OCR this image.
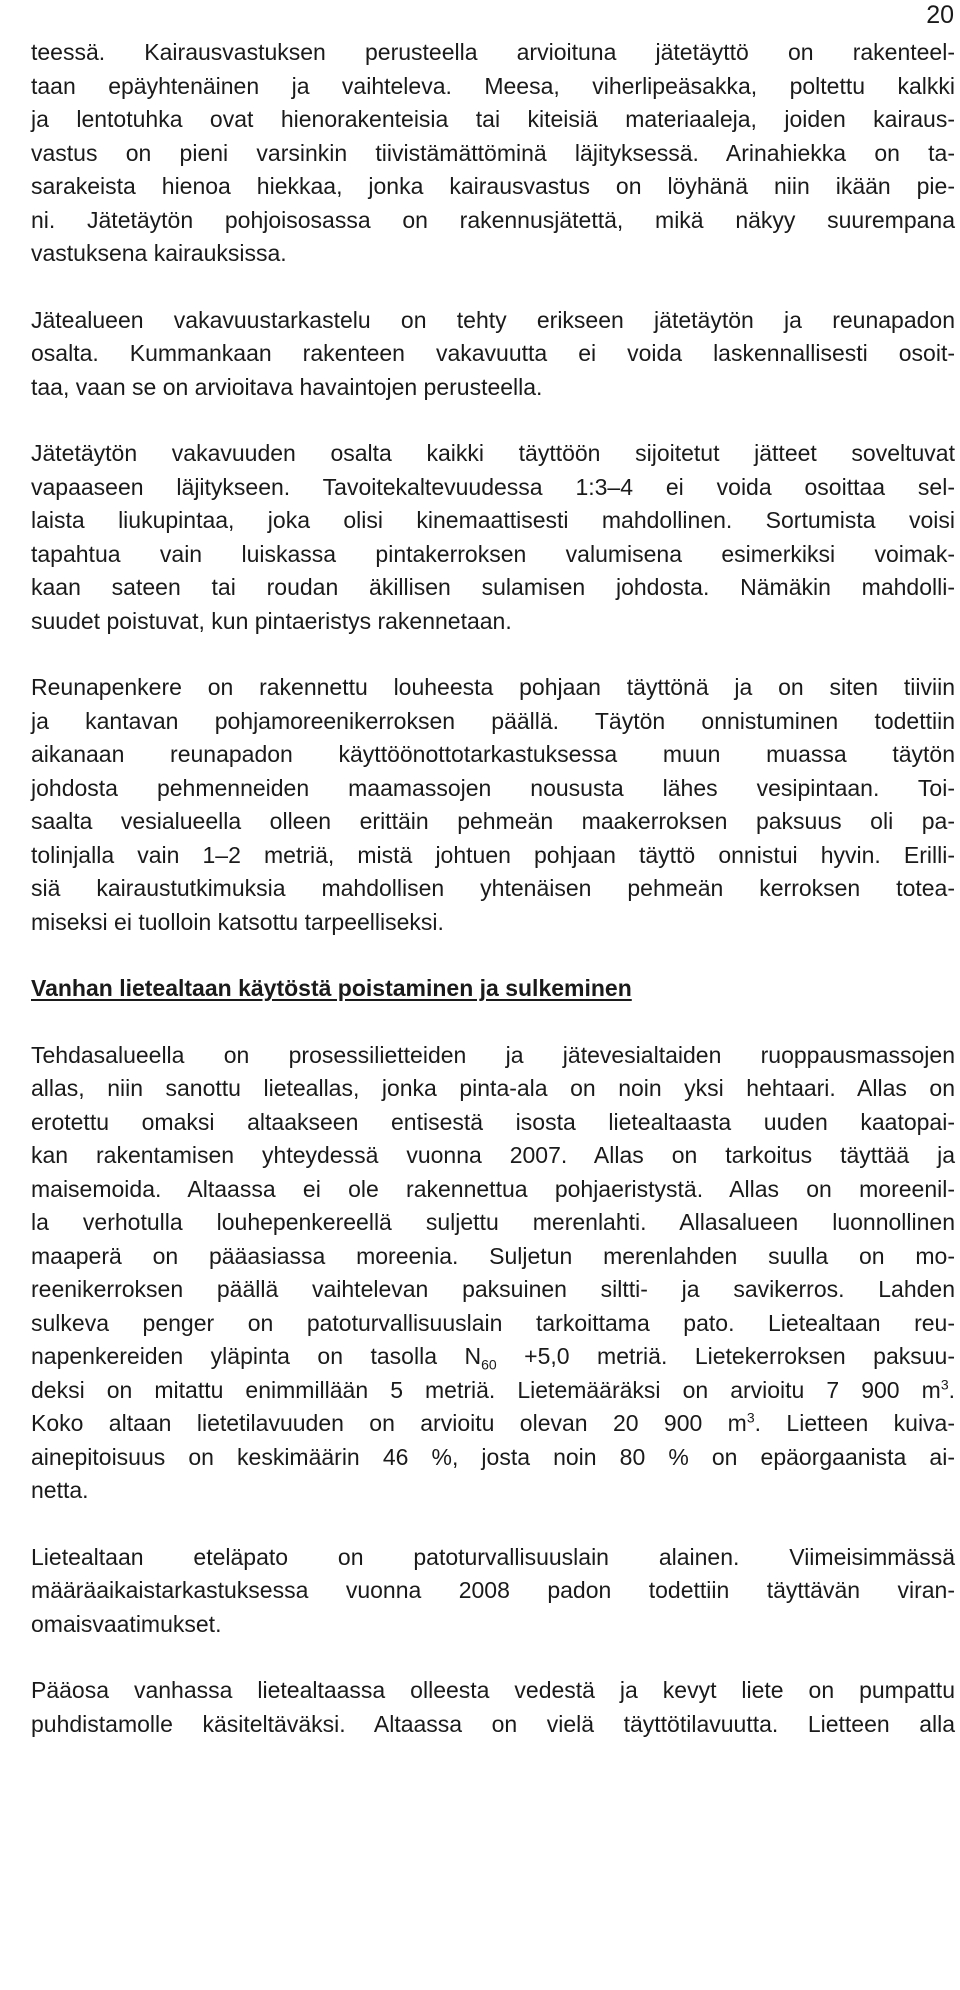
20
teessä. Kairausvastuksen perusteella arvioituna jätetäyttö on rakenteel-
taan epäyhtenäinen ja vaihteleva. Meesa, viherlipeäsakka, poltettu kalkki
ja lentotuhka ovat hienorakenteisia tai kiteisiä materiaaleja, joiden kairaus-
vastus on pieni varsinkin tiivistämättöminä läjityksessä. Arinahiekka on ta-
sarakeista hienoa hiekkaa, jonka kairausvastus on löyhänä niin ikään pie-
ni. Jätetäytön pohjoisosassa on rakennusjätettä, mikä näkyy suurempana
vastuksena kairauksissa.
Jätealueen vakavuustarkastelu on tehty erikseen jätetäytön ja reunapadon
osalta. Kummankaan rakenteen vakavuutta ei voida laskennallisesti osoit-
taa, vaan se on arvioitava havaintojen perusteella.
Jätetäytön vakavuuden osalta kaikki täyttöön sijoitetut jätteet soveltuvat
vapaaseen läjitykseen. Tavoitekaltevuudessa 1:3–4 ei voida osoittaa sel-
laista liukupintaa, joka olisi kinemaattisesti mahdollinen. Sortumista voisi
tapahtua vain luiskassa pintakerroksen valumisena esimerkiksi voimak-
kaan sateen tai roudan äkillisen sulamisen johdosta. Nämäkin mahdolli-
suudet poistuvat, kun pintaeristys rakennetaan.
Reunapenkere on rakennettu louheesta pohjaan täyttönä ja on siten tiiviin
ja kantavan pohjamoreenikerroksen päällä. Täytön onnistuminen todettiin
aikanaan reunapadon käyttöönottotarkastuksessa muun muassa täytön
johdosta pehmenneiden maamassojen noususta lähes vesipintaan. Toi-
saalta vesialueella olleen erittäin pehmeän maakerroksen paksuus oli pa-
tolinjalla vain 1–2 metriä, mistä johtuen pohjaan täyttö onnistui hyvin. Erilli-
siä kairaustutkimuksia mahdollisen yhtenäisen pehmeän kerroksen totea-
miseksi ei tuolloin katsottu tarpeelliseksi.
Vanhan lietealtaan käytöstä poistaminen ja sulkeminen
Tehdasalueella on prosessilietteiden ja jätevesialtaiden ruoppausmassojen
allas, niin sanottu lieteallas, jonka pinta-ala on noin yksi hehtaari. Allas on
erotettu omaksi altaakseen entisestä isosta lietealtaasta uuden kaatopai-
kan rakentamisen yhteydessä vuonna 2007. Allas on tarkoitus täyttää ja
maisemoida. Altaassa ei ole rakennettua pohjaeristystä. Allas on moreenil-
la verhotulla louhepenkereellä suljettu merenlahti. Allasalueen luonnollinen
maaperä on pääasiassa moreenia. Suljetun merenlahden suulla on mo-
reenikerroksen päällä vaihtelevan paksuinen siltti- ja savikerros. Lahden
sulkeva penger on patoturvallisuuslain tarkoittama pato. Lietealtaan reu-
napenkereiden yläpinta on tasolla $N_{60} +5,0$ metriä. Lietekerroksen paksuu-
deksi on mitattu enimmillään 5 metriä. Lietemääräksi on arvioitu 7 900 $m^3$.
Koko altaan lietetilavuuden on arvioitu olevan 20 900 $m^3$. Lietteen kuiva-
ainepitoisuus on keskimäärin 46 %, josta noin 80 % on epäorgaanista ai-
netta.
Lietealtaan eteläpato on patoturvallisuuslain alainen. Viimeisimmässä
määräaikaistarkastuksessa vuonna 2008 padon todettiin täyttävän viran-
omaisvaatimukset.
Pääosa vanhassa lietealtaassa olleesta vedestä ja kevyt liete on pumpattu
puhdistamolle käsiteltäväksi. Altaassa on vielä täyttötilavuutta. Lietteen alla
